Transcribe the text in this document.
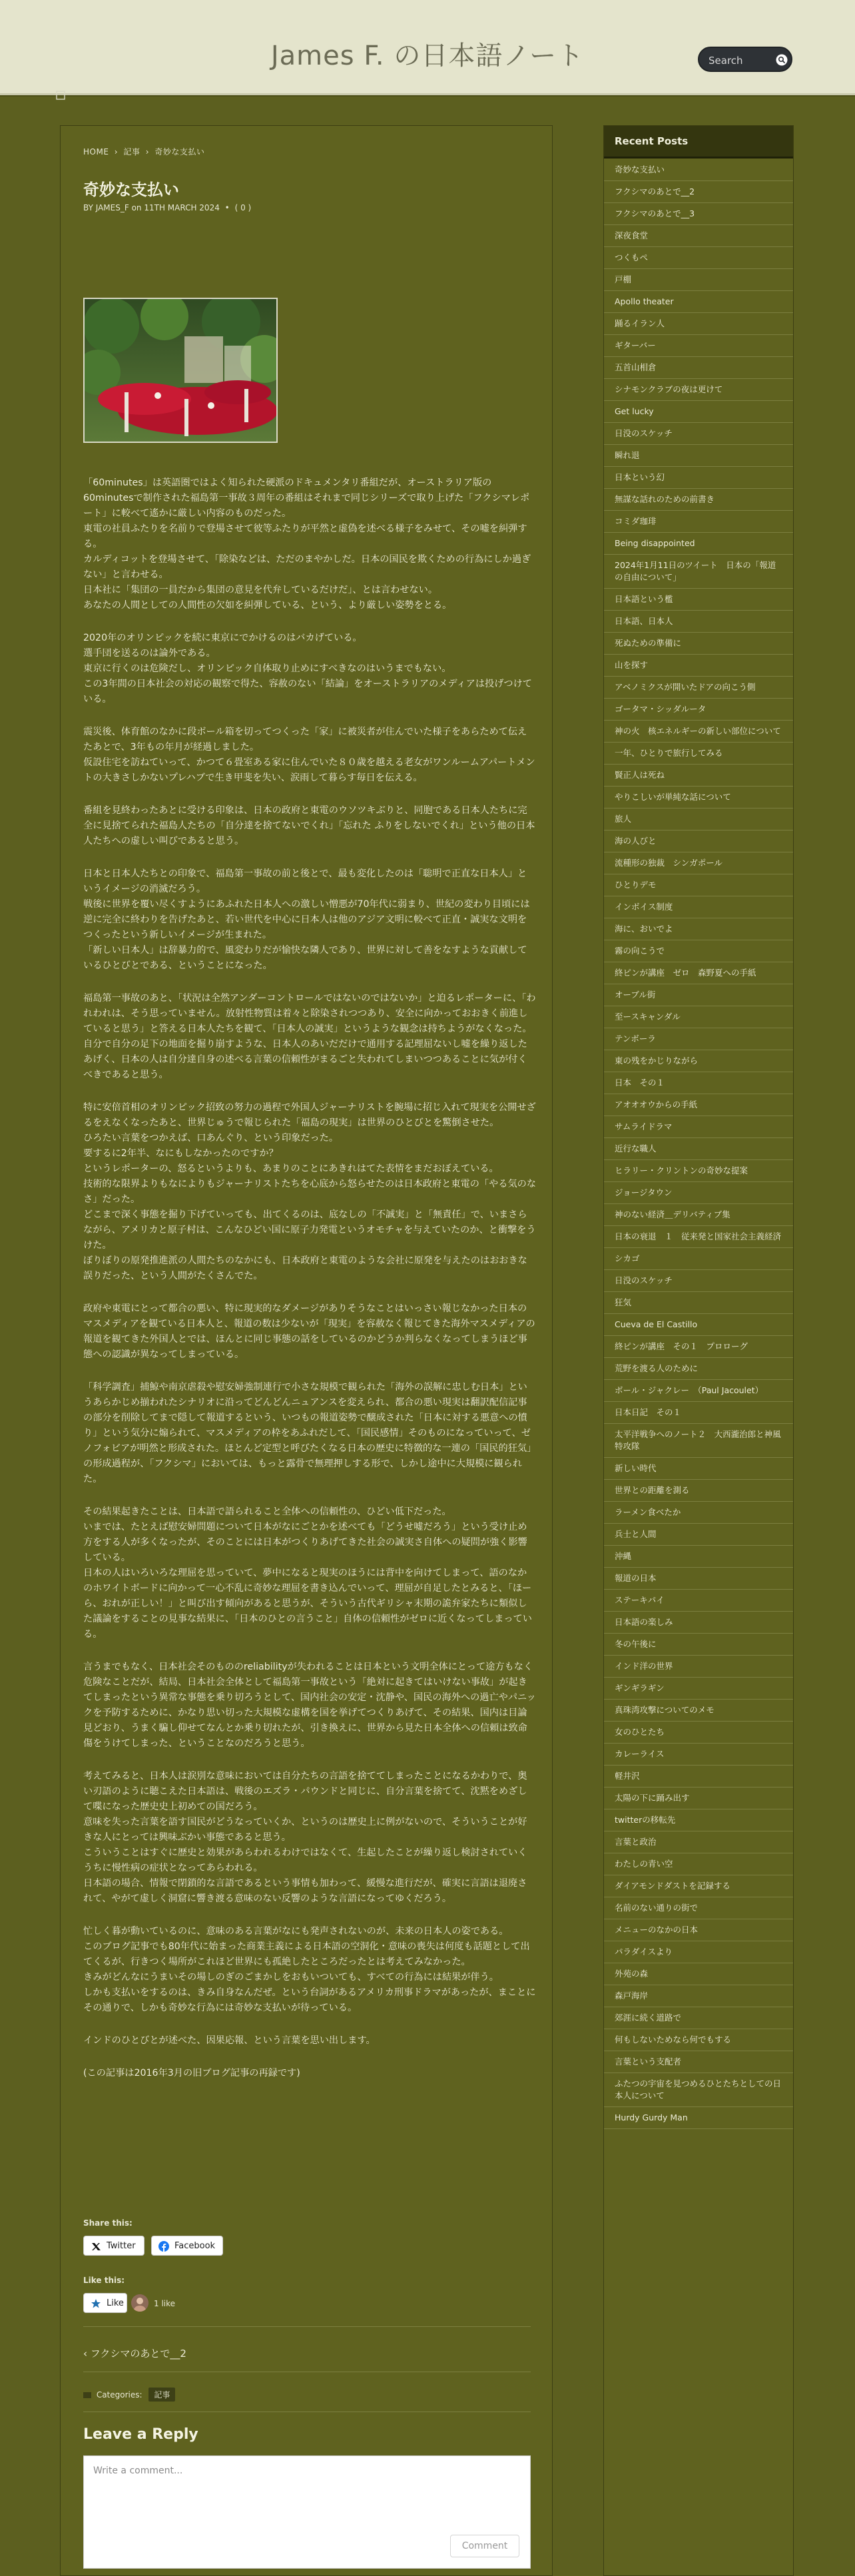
James F. の日本語ノート
Search
HOME › 記事 › 奇妙な支払い
奇妙な支払い
BY JAMES_F on 11TH MARCH 2024 • ( 0 )

「60minutes」は英語圏ではよく知られた硬派のドキュメンタリ番組だが、オーストラリア版の60minutesで制作された福島第一事故３周年の番組はそれまで同じシリーズで取り上げた「フクシマレポート」に較べて遙かに厳しい内容のものだった。
東電の社員ふたりを名前りで登場させて彼等ふたりが平然と虚偽を述べる様子をみせて、その嘘を糾弾する。
カルディコットを登場させて、「除染などは、ただのまやかしだ。日本の国民を欺くための行為にしか過ぎない」と言わせる。
日本社に「集団の一員だから集団の意見を代弁しているだけだ」、とは言わせない。
あなたの人間としての人間性の欠如を糾弾している、という、より厳しい姿勢をとる。

2020年のオリンピックを続に東京にでかけるのはバカげている。
選手団を送るのは論外である。
東京に行くのは危険だし、オリンピック自体取り止めにすべきなのはいうまでもない。
この3年間の日本社会の対応の観察で得た、容赦のない「結論」をオーストラリアのメディアは投げつけている。

震災後、体育館のなかに段ボール箱を切ってつくった「家」に被災者が住んでいた様子をあらためて伝えたあとで、3年もの年月が経過しました。
仮設住宅を訪ねていって、かつて６畳室ある家に住んでいた８０歳を越える老女がワンルームアパートメントの大きさしかないプレハブで生き甲斐を失い、涙雨して暮らす毎日を伝える。

番組を見終わったあとに受ける印象は、日本の政府と東電のウソツキぶりと、同胞である日本人たちに完全に見捨てられた福島人たちの「自分達を捨てないでくれ」「忘れた ふりをしないでくれ」という他の日本人たちへの虚しい叫びであると思う。

日本と日本人たちとの印象で、福島第一事故の前と後とで、最も変化したのは「聡明で正直な日本人」というイメージの消滅だろう。
戦後に世界を覆い尽くすようにあふれた日本人への激しい憎悪が70年代に弱まり、世紀の変わり目頃には逆に完全に終わりを告げたあと、若い世代を中心に日本人は他のアジア文明に較べて正直・誠実な文明をつくったという新しいイメージが生まれた。
「新しい日本人」は辞暴力的で、風変わりだが愉快な隣人であり、世界に対して善をなすような貢献しているひとびとである、ということになった。

福島第一事故のあと、「状況は全然アンダーコントロールではないのではないか」と迫るレポーターに、「われわれは、そう思っていません。放射性物質は着々と除染されつつあり、安全に向かっておおきく前進していると思う」と答える日本人たちを観て、「日本人の誠実」というような観念は持ちようがなくなった。
自分で自分の足下の地面を掘り崩すような、日本人のあいだだけで通用する記理屈ないし嘘を繰り返したあげく、日本の人は自分達自身の述べる言葉の信頼性がまるごと失われてしまいつつあることに気が付くべきであると思う。

特に安倍首相のオリンピック招致の努力の過程で外国人ジャーナリストを腕場に招じ入れて現実を公開せざるをえなくなったあと、世界じゅうで報じられた「福島の現実」は世界のひとびとを驚倒させた。
ひろたい言葉をつかえば、口あんぐり、という印象だった。
要するに2年半、なにもしなかったのですか？
というレポーターの、怒るというよりも、あまりのことにあきれはてた表情をまだおぼえている。
技術的な限界よりもなによりもジャーナリストたちを心底から怒らせたのは日本政府と東電の「やる気のなさ」だった。
どこまで深く事態を掘り下げていっても、出てくるのは、底なしの「不誠実」と「無責任」で、いまさらながら、アメリカと原子村は、こんなひどい国に原子力発電というオモチャを与えていたのか、と衝撃をうけた。
ぼりぼりの原発推進派の人間たちのなかにも、日本政府と東電のような会社に原発を与えたのはおおきな誤りだった、という人間がたくさんでた。

政府や東電にとって都合の悪い、特に現実的なダメージがありそうなことはいっさい報じなかった日本のマスメディアを観ている日本人と、報道の数は少ないが「現実」を容赦なく報じてきた海外マスメディアの報道を観てきた外国人とでは、ほんとに同じ事態の話をしているのかどうか判らなくなってしまうほど事態への認識が異なってしまっている。

「科学調査」捕鯨や南京虐殺や慰安婦強制連行で小さな規模で観られた「海外の誤解に忠しむ日本」というあらかじめ揃われたシナリオに沿ってどんどんニュアンスを変えられ、都合の悪い現実は翻訳配信記事の部分を削除してまで隠して報道するという、いつもの報道姿勢で醸成された「日本に対する悪意への憤り」という気分に煽られて、マスメディアの枠をあふれだして、「国民感情」そのものになっていって、ゼノフォビアが明然と形成された。ほとんど定型と呼びたくなる日本の歴史に特徴的な一連の「国民的狂気」の形成過程が、「フクシマ」においては、もっと露骨で無理押しする形で、しかし途中に大規模に観られた。

その結果起きたことは、日本語で語られること全体への信頼性の、ひどい低下だった。
いまでは、たとえば慰安婦問題について日本がなにごとかを述べても「どうせ嘘だろう」という受け止め方をする人が多くなったが、そのことには日本がつくりあげてきた社会の誠実さ自体への疑問が強く影響している。
日本の人はいろいろな理屈を思っていて、夢中になると現実のほうには背中を向けてしまって、語のなかのホワイトボードに向かって一心不乱に奇妙な理屈を書き込んでいって、理屈が自足したとみると、「ほーら、おれが正しい！」と叫び出す傾向があると思うが、そういう古代ギリシャ末期の詭弁家たちに類似した議論をすることの見事な結果に、「日本のひとの言うこと」自体の信頼性がゼロに近くなってしまっている。

言うまでもなく、日本社会そのもののreliabilityが失われることは日本という文明全体にとって途方もなく危険なことだが、結局、日本社会全体として福島第一事故という「絶対に起きてはいけない事故」が起きてしまったという異常な事態を乗り切ろうとして、国内社会の安定・沈静や、国民の海外への過亡やパニックを予防するために、かなり思い切った大規模な虚構を国を挙げてつくりあげて、その結果、国内は目論見どおり、うまく騙し仰せてなんとか乗り切れたが、引き換えに、世界から見た日本全体への信頼は致命傷をうけてしまった、ということなのだろうと思う。

考えてみると、日本人は涙別な意味においては自分たちの言語を捨ててしまったことになるかわりで、奥い刃語のように聴こえた日本語は、戦後のエズラ・パウンドと同じに、自分言葉を捨てて、沈黙をめざして喋になった歴史史上初めての国だろう。
意味を失った言葉を語す国民がどうなっていくか、というのは歴史上に例がないので、そういうことが好きな人にとっては興味ぶかい事態であると思う。
こういうことはすぐに歴史と効果があらわれるわけではなくて、生起したことが繰り返し検討されていくうちに慢性病の症状となってあらわれる。
日本語の場合、情報で閉鎖的な言語であるという事情も加わって、緩慢な進行だが、確実に言語は退廃されて、やがて虚しく洞窟に響き渡る意味のない反響のような言語になってゆくだろう。

忙しく暮が動いているのに、意味のある言葉がなにも発声されないのが、未来の日本人の姿である。
このブログ記事でも80年代に始まった商業主義による日本語の空洞化・意味の喪失は何度も話題として出てくるが、行きつく場所がこれほど世界にも孤絶したところだったとは考えてみなかった。
きみがどんなにうまいその場しのぎのごまかしをおもいついても、すべての行為には結果が伴う。
しかも支払いをするのは、きみ自身なんだぜ。という台詞があるアメリカ刑事ドラマがあったが、まことにその通りで、しかも奇妙な行為には奇妙な支払いが待っている。

インドのひとびとが述べた、因果応報、という言葉を思い出します。

(この記事は2016年3月の旧ブログ記事の再録です)

Share this:
Twitter	Facebook
Like this:
Like	1 like
‹ フクシマのあとで__2
Categories: 記事
Leave a Reply
Write a comment...
Comment
Recent Posts
奇妙な支払い
フクシマのあとで__2
フクシマのあとで__3
深夜食堂
つくもぺ
戸棚
Apollo theater
踊るイラン人
ギターバー
五首山相倉
シナモンクラブの夜は更けて
Get lucky
日没のスケッチ
瞬れ退
日本という幻
無謀な話れのための前書き
コミダ珈琲
Being disappointed
2024年1月11日のツイート　日本の「報道の自由について」
日本語という檻
日本語、日本人
死ぬための準備に
山を探す
アベノミクスが開いたドアの向こう側
ゴータマ・シッダルータ
神の火　核エネルギーの新しい部位について
一年、ひとりで旅行してみる
賢正人は死ね
やりこしいが単純な話について
旅人
海の人びと
流種形の独裁　シンガポール
ひとりデモ
インボイス制度
海に、おいでよ
霧の向こうで
終ピンが講座　ゼロ　森野夏への手紙
オーブル街
至ースキャンダル
テンボーラ
東の残をかじりながら
日本　その１
アオオオウからの手紙
サムライドラマ
近行な職人
ヒラリー・クリントンの奇妙な提案
ジョージタウン
神のない経済＿デリバティブ集
日本の衰退　１　従来発と国家社会主義経済
シカゴ
日没のスケッチ
狂気
Cueva de El Castillo
終ピンが講座　その１　プロローグ
荒野を渡る人のために
ボール・ジャクレー　（Paul Jacoulet）
日本日記　その１
太平洋戦争へのノート２　大西瀧治郎と神風特攻隊
新しい時代
世界との距離を測る
ラーメン食べたか
兵士と人間
沖縄
報道の日本
ステーキパイ
日本語の楽しみ
冬の午後に
インド洋の世界
ギンギラギン
真珠湾攻撃についてのメモ
女のひとたち
カレーライス
軽井沢
太陽の下に踊み出す
twitterの移転先
言葉と政治
わたしの青い空
ダイアモンドダストを記録する
名前のない通りの街で
メニューのなかの日本
パラダイスより
外苑の森
森戸海岸
郊涯に続く道路で
何もしないためなら何でもする
言葉という支配者
ふたつの宇宙を見つめるひとたちとしての日本人について
Hurdy Gurdy Man
